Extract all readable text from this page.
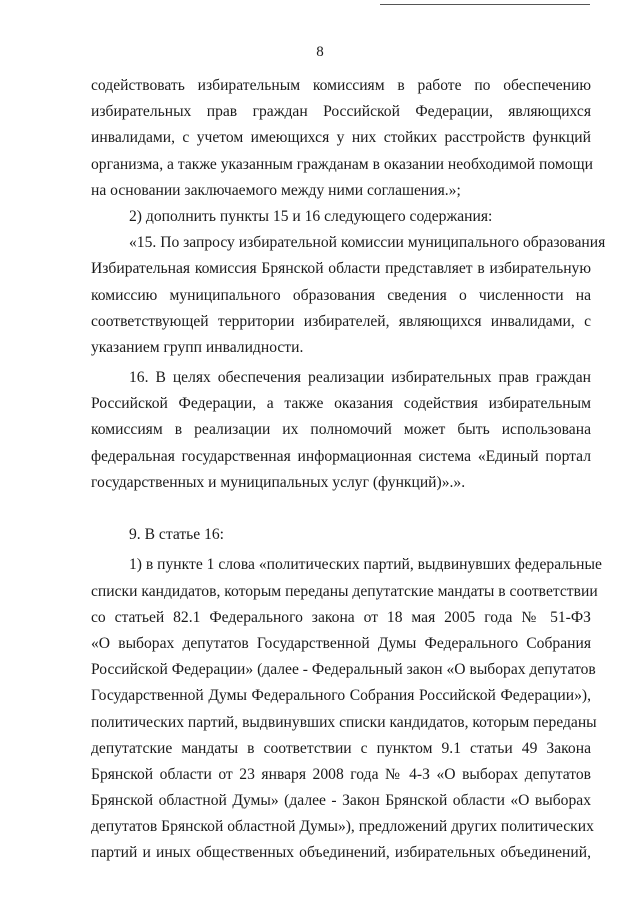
8
содействовать избирательным комиссиям в работе по обеспечению
избирательных прав граждан Российской Федерации, являющихся
инвалидами, с учетом имеющихся у них стойких расстройств функций
организма, а также указанным гражданам в оказании необходимой помощи
на основании заключаемого между ними соглашения.»;
2) дополнить пункты 15 и 16 следующего содержания:
«15. По запросу избирательной комиссии муниципального образования
Избирательная комиссия Брянской области представляет в избирательную
комиссию муниципального образования сведения о численности на
соответствующей территории избирателей, являющихся инвалидами, с
указанием групп инвалидности.
16. В целях обеспечения реализации избирательных прав граждан
Российской Федерации, а также оказания содействия избирательным
комиссиям в реализации их полномочий может быть использована
федеральная государственная информационная система «Единый портал
государственных и муниципальных услуг (функций)».».
9. В статье 16:
1) в пункте 1 слова «политических партий, выдвинувших федеральные
списки кандидатов, которым переданы депутатские мандаты в соответствии
со статьей 82.1 Федерального закона от 18 мая 2005 года № 51-ФЗ
«О выборах депутатов Государственной Думы Федерального Собрания
Российской Федерации» (далее - Федеральный закон «О выборах депутатов
Государственной Думы Федерального Собрания Российской Федерации»),
политических партий, выдвинувших списки кандидатов, которым переданы
депутатские мандаты в соответствии с пунктом 9.1 статьи 49 Закона
Брянской области от 23 января 2008 года № 4-З «О выборах депутатов
Брянской областной Думы» (далее - Закон Брянской области «О выборах
депутатов Брянской областной Думы»), предложений других политических
партий и иных общественных объединений, избирательных объединений,
